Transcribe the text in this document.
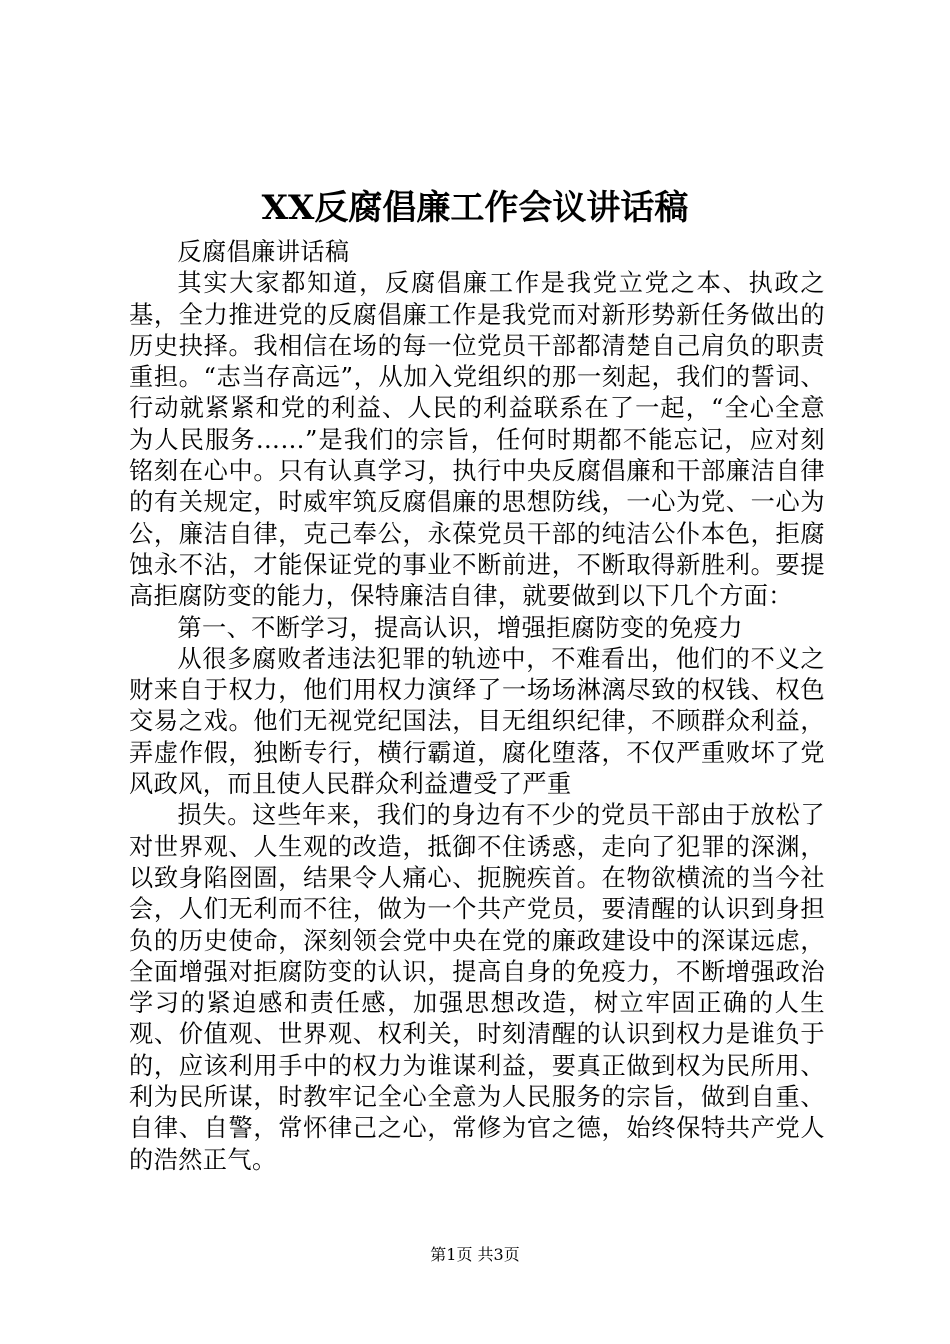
XX反腐倡廉工作会议讲话稿

反腐倡廉讲话稿

其实大家都知道，反腐倡廉工作是我党立党之本、执政之基，全力推进党的反腐倡廉工作是我党而对新形势新任务做出的历史抉择。我相信在场的每一位党员干部都清楚自己肩负的职责重担。“志当存高远”，从加入党组织的那一刻起，我们的誓词、行动就紧紧和党的利益、人民的利益联系在了一起，“全心全意为人民服务……”是我们的宗旨，任何时期都不能忘记，应对刻铭刻在心中。只有认真学习，执行中央反腐倡廉和干部廉洁自律的有关规定，时威牢筑反腐倡廉的思想防线，一心为党、一心为公，廉洁自律，克己奉公，永葆党员干部的纯洁公仆本色，拒腐蚀永不沾，才能保证党的事业不断前进，不断取得新胜利。要提高拒腐防变的能力，保特廉洁自律，就要做到以下几个方面：

第一、不断学习，提高认识，增强拒腐防变的免疫力

从很多腐败者违法犯罪的轨迹中，不难看出，他们的不义之财来自于权力，他们用权力演绎了一场场淋漓尽致的权钱、权色交易之戏。他们无视党纪国法，目无组织纪律，不顾群众利益，弄虚作假，独断专行，横行霸道，腐化堕落，不仅严重败坏了党风政风，而且使人民群众利益遭受了严重

损失。这些年来，我们的身边有不少的党员干部由于放松了对世界观、人生观的改造，抵御不住诱惑，走向了犯罪的深渊，以致身陷囹圄，结果令人痛心、扼腕疾首。在物欲横流的当今社会，人们无利而不往，做为一个共产党员，要清醒的认识到身担负的历史使命，深刻领会党中央在党的廉政建设中的深谋远虑，全面增强对拒腐防变的认识，提高自身的免疫力，不断增强政治学习的紧迫感和责任感，加强思想改造，树立牢固正确的人生观、价值观、世界观、权利关，时刻清醒的认识到权力是谁负于的，应该利用手中的权力为谁谋利益，要真正做到权为民所用、利为民所谋，时教牢记全心全意为人民服务的宗旨，做到自重、自律、自警，常怀律己之心，常修为官之德，始终保特共产党人的浩然正气。

第1页 共3页
